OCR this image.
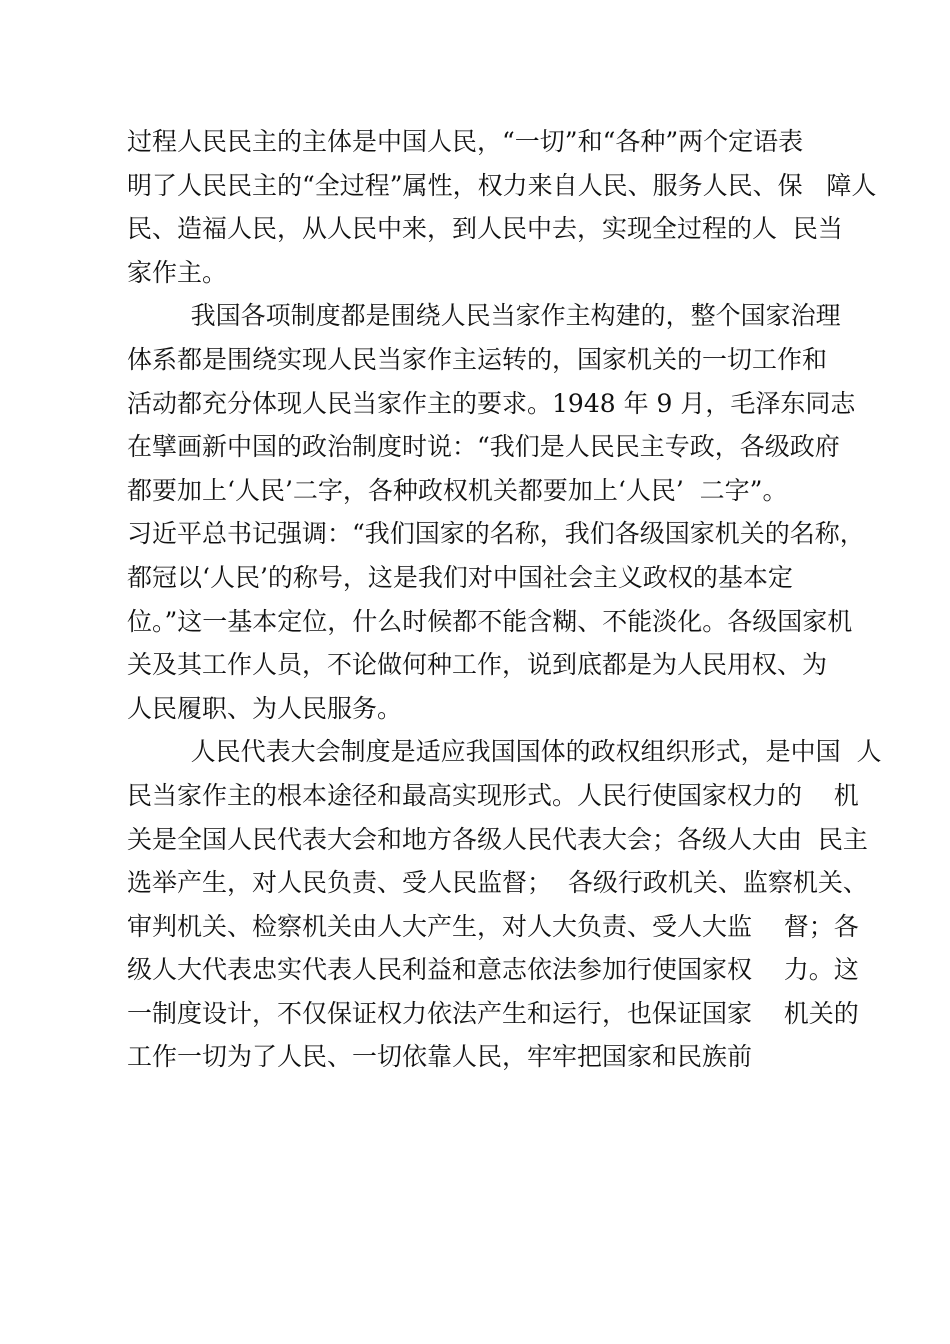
过程人民民主的主体是中国人民，“一切”和“各种”两个定语表
明了人民民主的“全过程”属性，权力来自人民、服务人民、保   障人
民、造福人民，从人民中来，到人民中去，实现全过程的人  民当
家作主。
我国各项制度都是围绕人民当家作主构建的，整个国家治理
体系都是围绕实现人民当家作主运转的，国家机关的一切工作和
活动都充分体现人民当家作主的要求。1948 年 9 月，毛泽东同志
在擘画新中国的政治制度时说：“我们是人民民主专政，各级政府
都要加上‘人民’二字，各种政权机关都要加上‘人民’  二字”。
习近平总书记强调：“我们国家的名称，我们各级国家机关的名称，
都冠以‘人民’的称号，这是我们对中国社会主义政权的基本定
位。”这一基本定位，什么时候都不能含糊、不能淡化。各级国家机
关及其工作人员，不论做何种工作，说到底都是为人民用权、为
人民履职、为人民服务。
人民代表大会制度是适应我国国体的政权组织形式，是中国  人
民当家作主的根本途径和最高实现形式。人民行使国家权力的    机
关是全国人民代表大会和地方各级人民代表大会；各级人大由  民主
选举产生，对人民负责、受人民监督；  各级行政机关、监察机关、
审判机关、检察机关由人大产生，对人大负责、受人大监    督；各
级人大代表忠实代表人民利益和意志依法参加行使国家权    力。这
一制度设计，不仅保证权力依法产生和运行，也保证国家    机关的
工作一切为了人民、一切依靠人民，牢牢把国家和民族前
